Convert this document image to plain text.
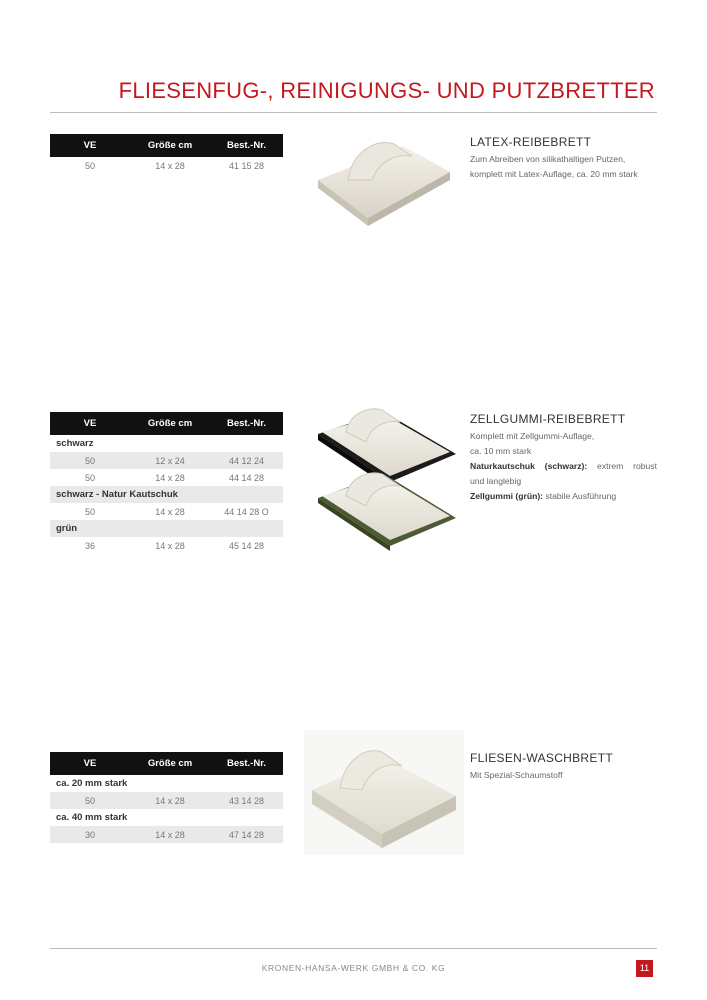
FLIESENFUG-, REINIGUNGS- UND PUTZBRETTER
VE	Größe cm	Best.-Nr.
50	14 x 28	41 15 28
LATEX-REIBEBRETT
Zum Abreiben von silikathaltigen Putzen,
komplett mit Latex-Auflage, ca. 20 mm stark
VE	Größe cm	Best.-Nr.
schwarz
50	12 x 24	44 12 24
50	14 x 28	44 14 28
schwarz - Natur Kautschuk
50	14 x 28	44 14 28 O
grün
36	14 x 28	45 14 28
ZELLGUMMI-REIBEBRETT
Komplett mit Zellgummi-Auflage,
ca. 10 mm stark
Naturkautschuk (schwarz): extrem robust
und langlebig
Zellgummi (grün): stabile Ausführung
VE	Größe cm	Best.-Nr.
ca. 20 mm stark
50	14 x 28	43 14 28
ca. 40 mm stark
30	14 x 28	47 14 28
FLIESEN-WASCHBRETT
Mit Spezial-Schaumstoff
KRONEN-HANSA-WERK GMBH & CO. KG	11
